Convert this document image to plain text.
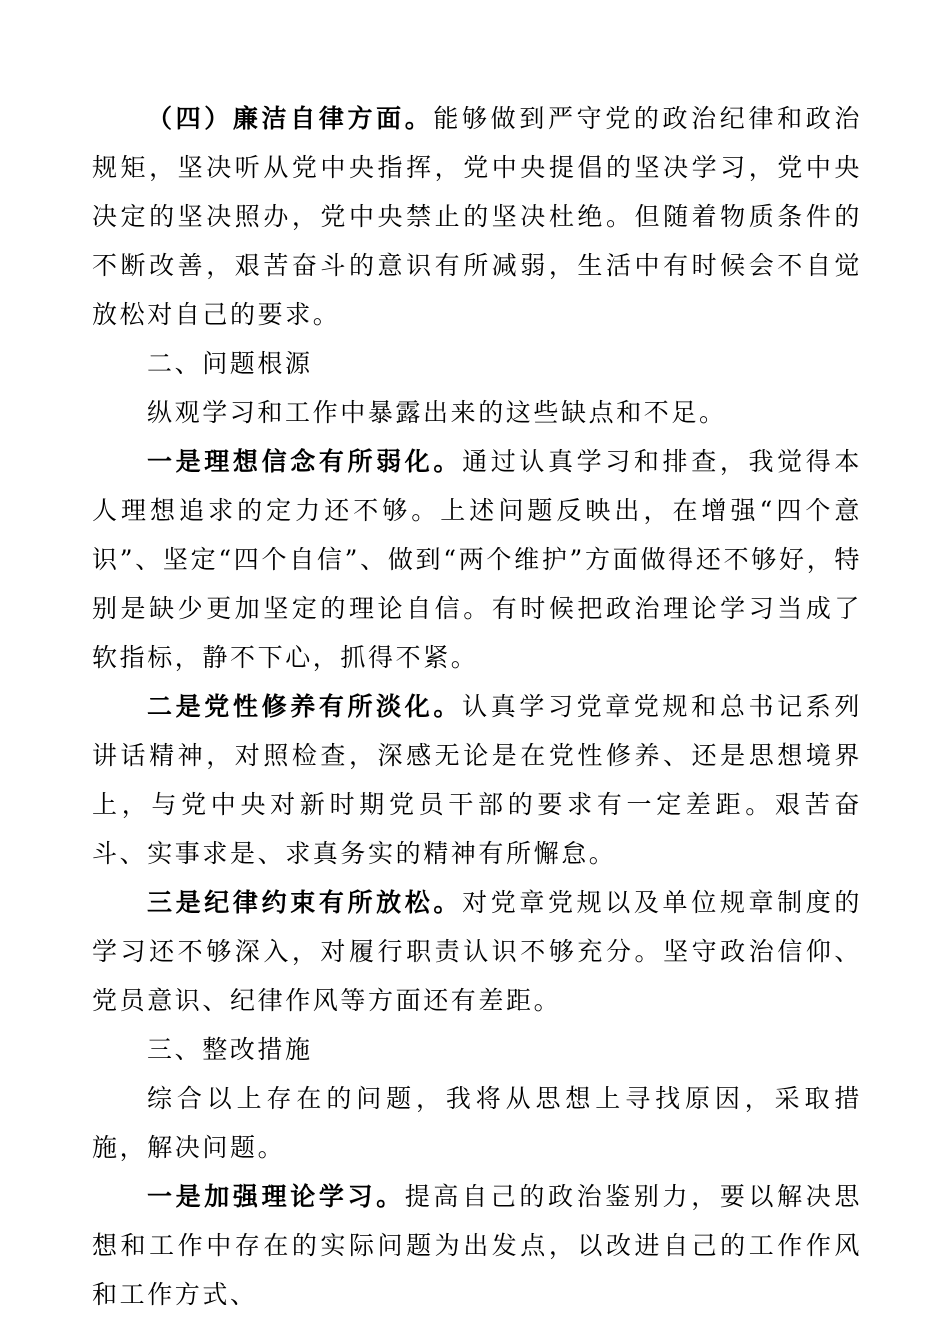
（四）廉洁自律方面。能够做到严守党的政治纪律和政治规矩，坚决听从党中央指挥，党中央提倡的坚决学习，党中央决定的坚决照办，党中央禁止的坚决杜绝。但随着物质条件的不断改善，艰苦奋斗的意识有所减弱，生活中有时候会不自觉放松对自己的要求。

二、问题根源

纵观学习和工作中暴露出来的这些缺点和不足。

一是理想信念有所弱化。通过认真学习和排查，我觉得本人理想追求的定力还不够。上述问题反映出，在增强“四个意识”、坚定“四个自信”、做到“两个维护”方面做得还不够好，特别是缺少更加坚定的理论自信。有时候把政治理论学习当成了软指标，静不下心，抓得不紧。

二是党性修养有所淡化。认真学习党章党规和总书记系列讲话精神，对照检查，深感无论是在党性修养、还是思想境界上，与党中央对新时期党员干部的要求有一定差距。艰苦奋斗、实事求是、求真务实的精神有所懈怠。

三是纪律约束有所放松。对党章党规以及单位规章制度的学习还不够深入，对履行职责认识不够充分。坚守政治信仰、党员意识、纪律作风等方面还有差距。

三、整改措施

综合以上存在的问题，我将从思想上寻找原因，采取措施，解决问题。

一是加强理论学习。提高自己的政治鉴别力，要以解决思想和工作中存在的实际问题为出发点，以改进自己的工作作风和工作方式、
